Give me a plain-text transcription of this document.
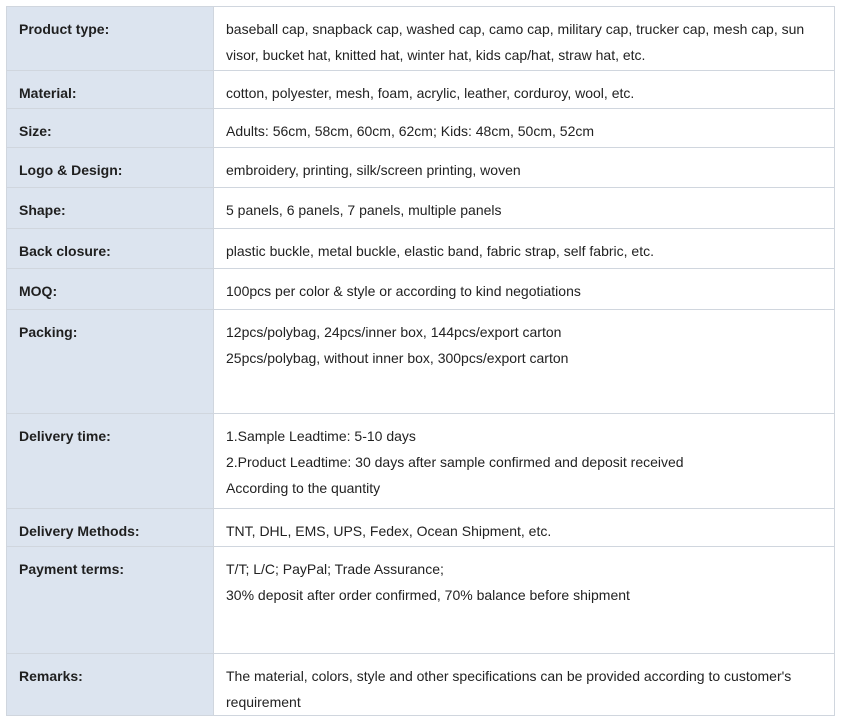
Product type:	baseball cap, snapback cap, washed cap, camo cap, military cap, trucker cap, mesh cap, sun visor, bucket hat, knitted hat, winter hat, kids cap/hat, straw hat, etc.

Material:	cotton, polyester, mesh, foam, acrylic, leather, corduroy, wool, etc.

Size:	Adults: 56cm, 58cm, 60cm, 62cm; Kids: 48cm, 50cm, 52cm

Logo & Design:	embroidery, printing, silk/screen printing, woven

Shape:	5 panels, 6 panels, 7 panels, multiple panels

Back closure:	plastic buckle, metal buckle, elastic band, fabric strap, self fabric, etc.

MOQ:	100pcs per color & style or according to kind negotiations

Packing:	12pcs/polybag, 24pcs/inner box, 144pcs/export carton
25pcs/polybag, without inner box, 300pcs/export carton

Delivery time:	1.Sample Leadtime: 5-10 days
2.Product Leadtime: 30 days after sample confirmed and deposit received
According to the quantity

Delivery Methods:	TNT, DHL, EMS, UPS, Fedex, Ocean Shipment, etc.

Payment terms:	T/T; L/C; PayPal; Trade Assurance;
30% deposit after order confirmed, 70% balance before shipment

Remarks:	The material, colors, style and other specifications can be provided according to customer's requirement
